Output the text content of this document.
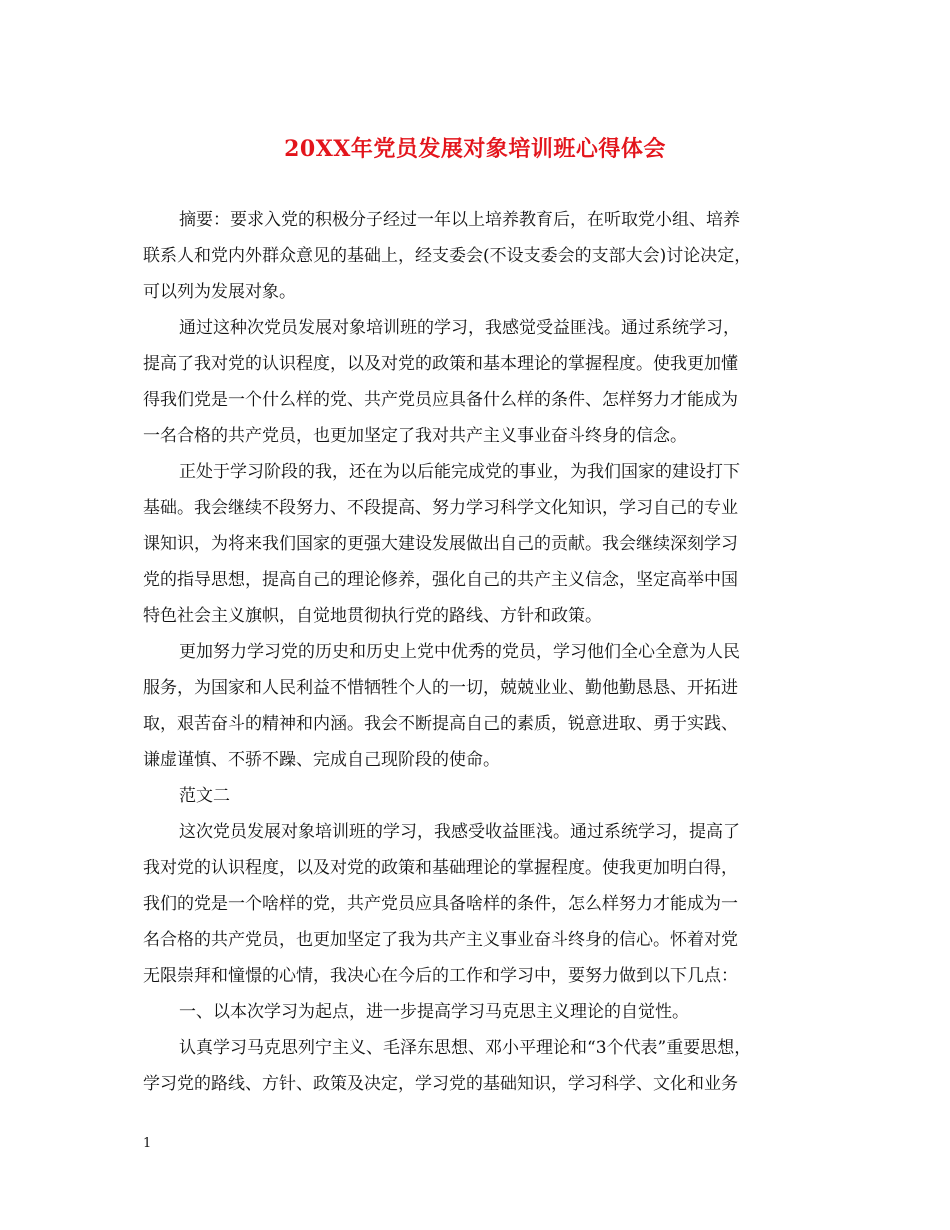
20XX年党员发展对象培训班心得体会
摘要：要求入党的积极分子经过一年以上培养教育后，在听取党小组、培养
联系人和党内外群众意见的基础上，经支委会(不设支委会的支部大会)讨论决定，
可以列为发展对象。
通过这种次党员发展对象培训班的学习，我感觉受益匪浅。通过系统学习，
提高了我对党的认识程度，以及对党的政策和基本理论的掌握程度。使我更加懂
得我们党是一个什么样的党、共产党员应具备什么样的条件、怎样努力才能成为
一名合格的共产党员，也更加坚定了我对共产主义事业奋斗终身的信念。
正处于学习阶段的我，还在为以后能完成党的事业，为我们国家的建设打下
基础。我会继续不段努力、不段提高、努力学习科学文化知识，学习自己的专业
课知识，为将来我们国家的更强大建设发展做出自己的贡献。我会继续深刻学习
党的指导思想，提高自己的理论修养，强化自己的共产主义信念，坚定高举中国
特色社会主义旗帜，自觉地贯彻执行党的路线、方针和政策。
更加努力学习党的历史和历史上党中优秀的党员，学习他们全心全意为人民
服务，为国家和人民利益不惜牺牲个人的一切，兢兢业业、勤他勤恳恳、开拓进
取，艰苦奋斗的精神和内涵。我会不断提高自己的素质，锐意进取、勇于实践、
谦虚谨慎、不骄不躁、完成自己现阶段的使命。
范文二
这次党员发展对象培训班的学习，我感受收益匪浅。通过系统学习，提高了
我对党的认识程度，以及对党的政策和基础理论的掌握程度。使我更加明白得，
我们的党是一个啥样的党，共产党员应具备啥样的条件，怎么样努力才能成为一
名合格的共产党员，也更加坚定了我为共产主义事业奋斗终身的信心。怀着对党
无限崇拜和憧憬的心情，我决心在今后的工作和学习中，要努力做到以下几点：
一、以本次学习为起点，进一步提高学习马克思主义理论的自觉性。
认真学习马克思列宁主义、毛泽东思想、邓小平理论和“3个代表”重要思想，
学习党的路线、方针、政策及决定，学习党的基础知识，学习科学、文化和业务
1
